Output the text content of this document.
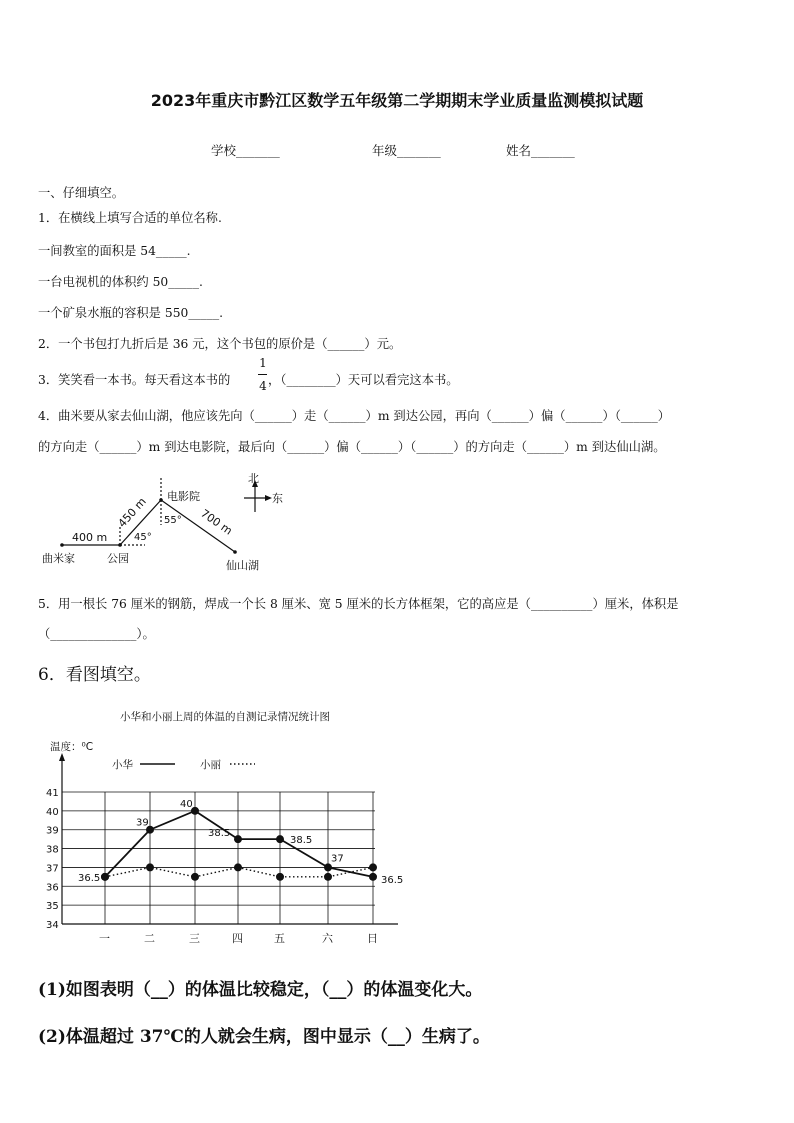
2023年重庆市黔江区数学五年级第二学期期末学业质量监测模拟试题
学校_______	年级_______	姓名_______
一、仔细填空。
1．在横线上填写合适的单位名称.
一间教室的面积是 54_____.
一台电视机的体积约 50_____.
一个矿泉水瓶的容积是 550_____.
2．一个书包打九折后是 36 元，这个书包的原价是（______）元。
3．笑笑看一本书。每天看这本书的
1
4 ，（________）天可以看完这本书。
4．曲米要从家去仙山湖，他应该先向（______）走（______）m 到达公园，再向（______）偏（______）（______）
的方向走（______）m 到达电影院，最后向（______）偏（______）（______）的方向走（______）m 到达仙山湖。
北
东
曲米家	公园
电影院
仙山湖
400 m
450 m	700 m
45°
55°
5．用一根长 76 厘米的钢筋，焊成一个长 8 厘米、宽 5 厘米的长方体框架，它的高应是（__________）厘米，体积是
（______________）。
6．看图填空。
小华和小丽上周的体温的自测记录情况统计图
温度：⁰C
小华	小丽
34
35
36
37
38
39
40
41
一	二	三	四	五	六	日
36.5
39
40
38.5
38.5
37
36.5
(1)如图表明（__）的体温比较稳定，（__）的体温变化大。
(2)体温超过 37℃的人就会生病，图中显示（__）生病了。
